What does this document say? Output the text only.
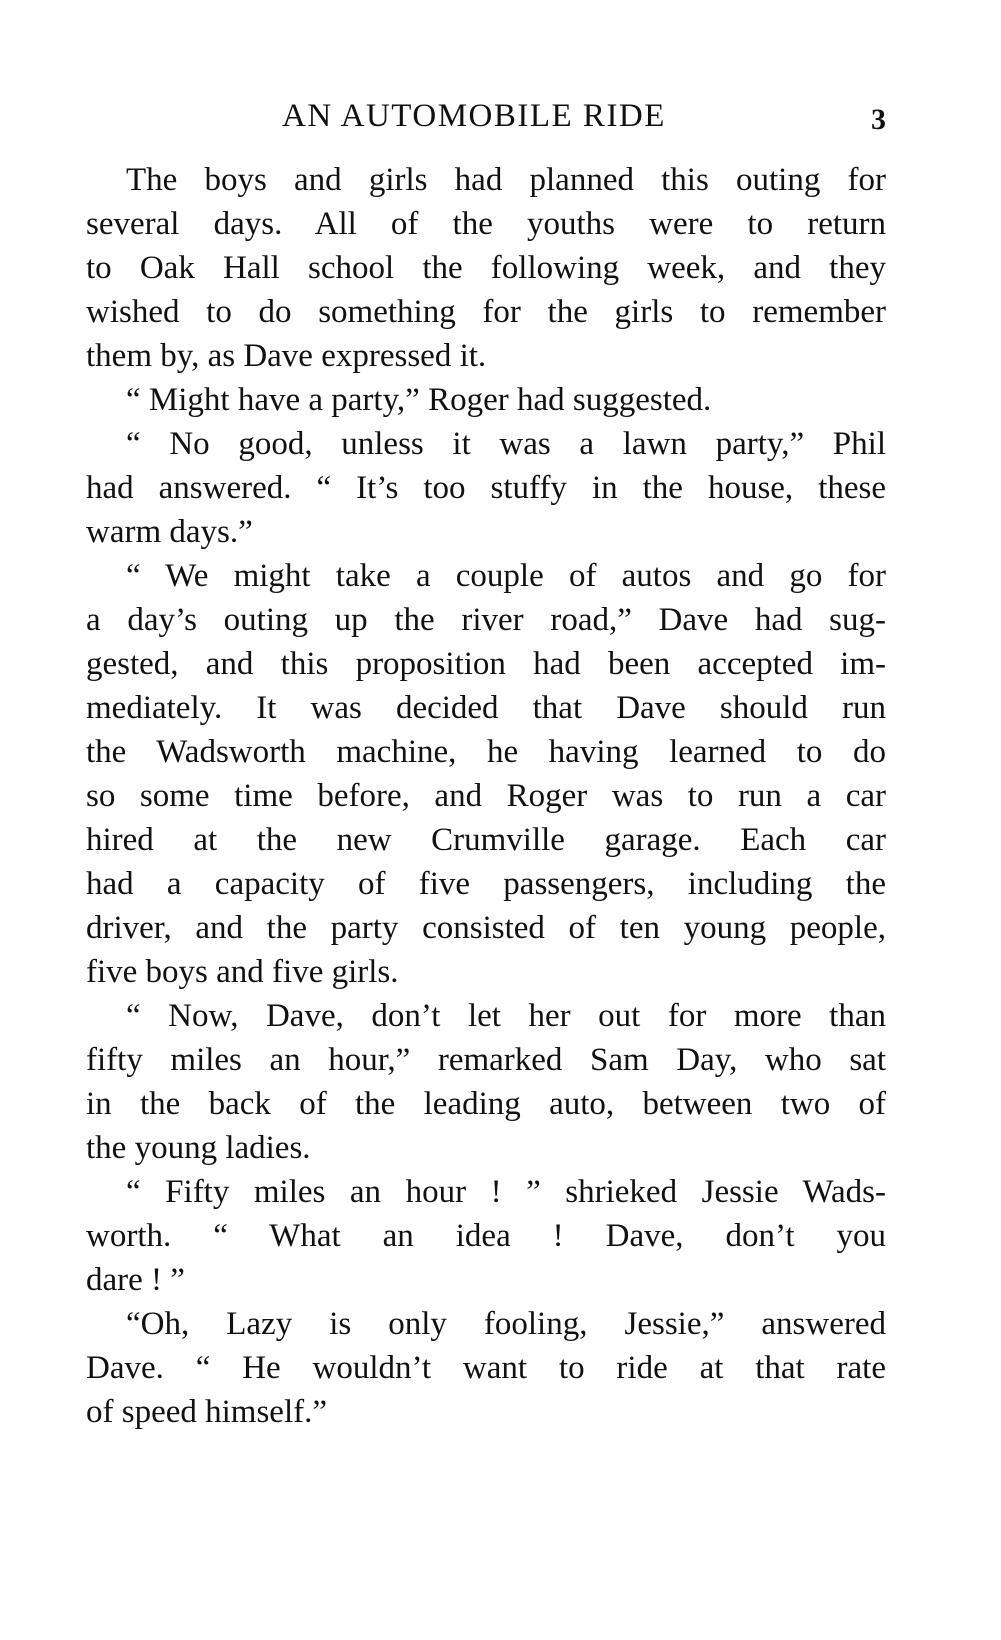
AN AUTOMOBILE RIDE	3
The boys and girls had planned this outing for
several days. All of the youths were to return
to Oak Hall school the following week, and they
wished to do something for the girls to remember
them by, as Dave expressed it.
“ Might have a party,” Roger had suggested.
“ No good, unless it was a lawn party,” Phil
had answered. “ It’s too stuffy in the house, these
warm days.”
“ We might take a couple of autos and go for
a day’s outing up the river road,” Dave had sug-
gested, and this proposition had been accepted im-
mediately. It was decided that Dave should run
the Wadsworth machine, he having learned to do
so some time before, and Roger was to run a car
hired at the new Crumville garage. Each car
had a capacity of five passengers, including the
driver, and the party consisted of ten young people,
five boys and five girls.
“ Now, Dave, don’t let her out for more than
fifty miles an hour,” remarked Sam Day, who sat
in the back of the leading auto, between two of
the young ladies.
“ Fifty miles an hour ! ” shrieked Jessie Wads-
worth. “ What an idea ! Dave, don’t you
dare ! ”
“Oh, Lazy is only fooling, Jessie,” answered
Dave. “ He wouldn’t want to ride at that rate
of speed himself.”
